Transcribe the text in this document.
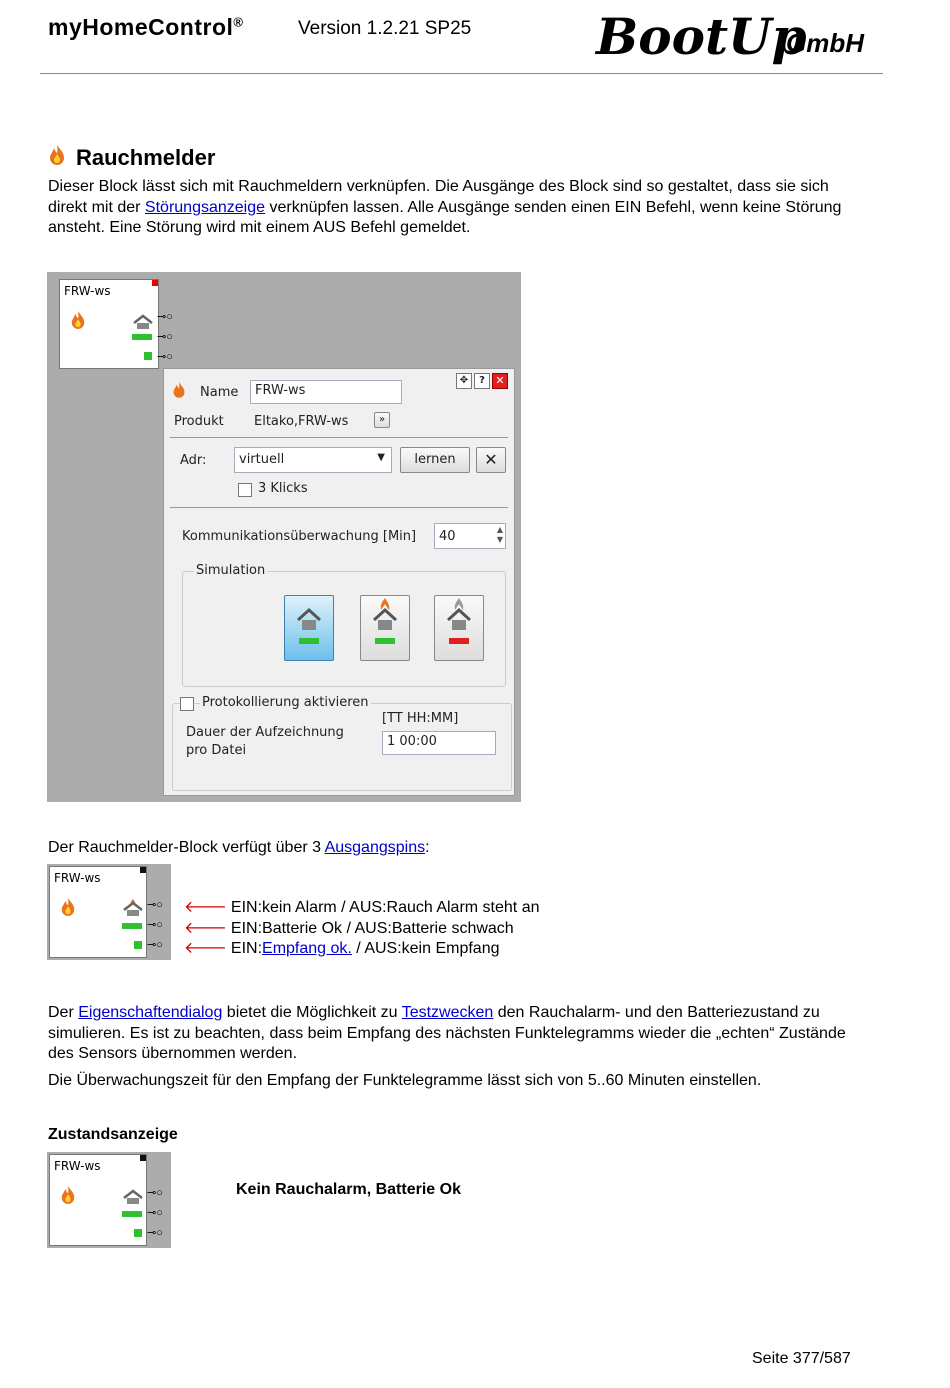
myHomeControl®	Version 1.2.21 SP25 BootUp
GmbH
Rauchmelder

Dieser Block lässt sich mit Rauchmeldern verknüpfen. Die Ausgänge des Block sind so gestaltet, dass sie sich direkt mit der Störungsanzeige verknüpfen lassen. Alle Ausgänge senden einen EIN Befehl, wenn keine Störung ansteht. Eine Störung wird mit einem AUS Befehl gemeldet.

FRW-ws
⊸○
⊸○
⊸○
✥	? ✕
Name	FRW-ws
Produkt Eltako,FRW-ws	»
Adr:	virtuell	▼	lernen	✕
3 Klicks
Kommunikationsüberwachung [Min]	40	▲
▼
Simulation
Protokollierung aktivieren
Dauer der Aufzeichnung
pro Datei
[TT HH:MM]
1 00:00

Der Rauchmelder-Block verfügt über 3 Ausgangspins:

FRW-ws
⊸○
⊸○
⊸○
🡐 EIN:kein Alarm / AUS:Rauch Alarm steht an
🡐 EIN:Batterie Ok / AUS:Batterie schwach
🡐 EIN:Empfang ok. / AUS:kein Empfang

Der Eigenschaftendialog bietet die Möglichkeit zu Testzwecken den Rauchalarm- und den Batteriezustand zu simulieren. Es ist zu beachten, dass beim Empfang des nächsten Funktelegramms wieder die „echten“ Zustände des Sensors übernommen werden.

Die Überwachungszeit für den Empfang der Funktelegramme lässt sich von 5..60 Minuten einstellen.

Zustandsanzeige
FRW-ws
⊸○
⊸○
⊸○
Kein Rauchalarm, Batterie Ok
Seite 377/587
